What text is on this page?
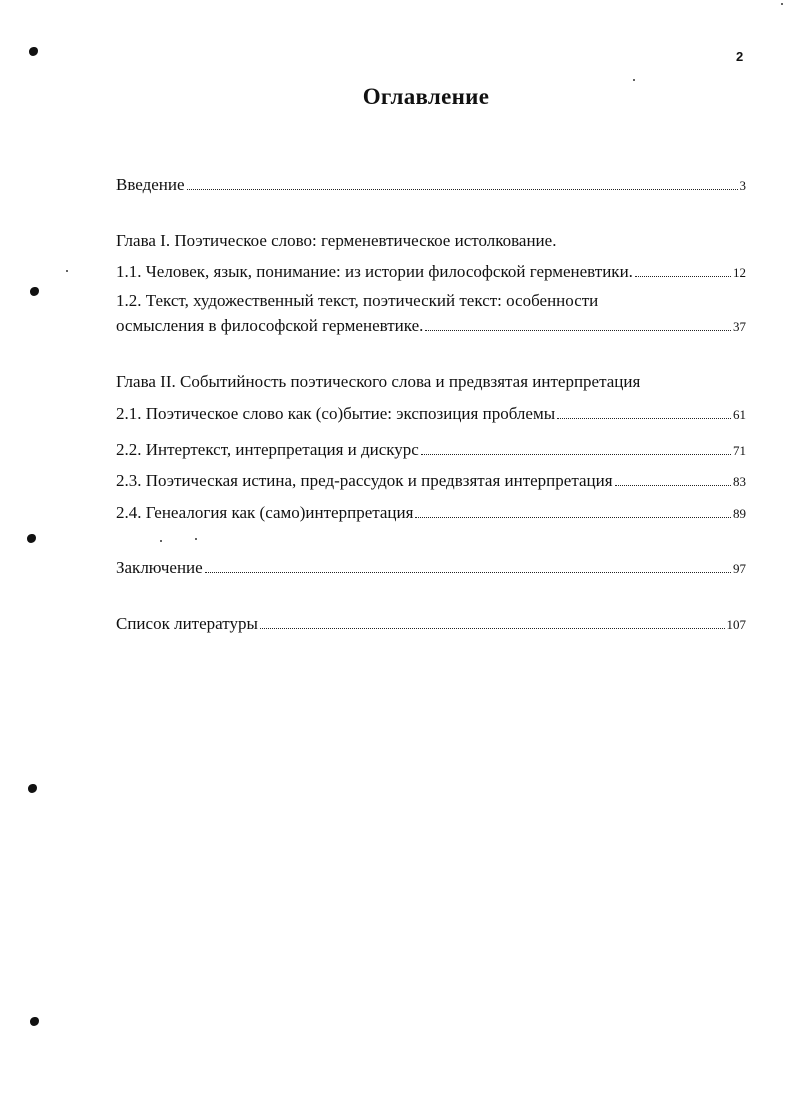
2
Оглавление
Введение	3
Глава I. Поэтическое слово: герменевтическое истолкование.
1.1. Человек, язык, понимание: из истории философской герменевтики.	12
1.2. Текст, художественный текст, поэтический текст: особенности
осмысления в философской герменевтике.	37
Глава II. Событийность поэтического слова и предвзятая интерпретация
2.1. Поэтическое слово как (со)бытие: экспозиция проблемы	61
2.2. Интертекст, интерпретация и дискурс	71
2.3. Поэтическая истина, пред-рассудок и предвзятая интерпретация	83
2.4. Генеалогия как (само)интерпретация	89
Заключение	97
Список литературы	107
